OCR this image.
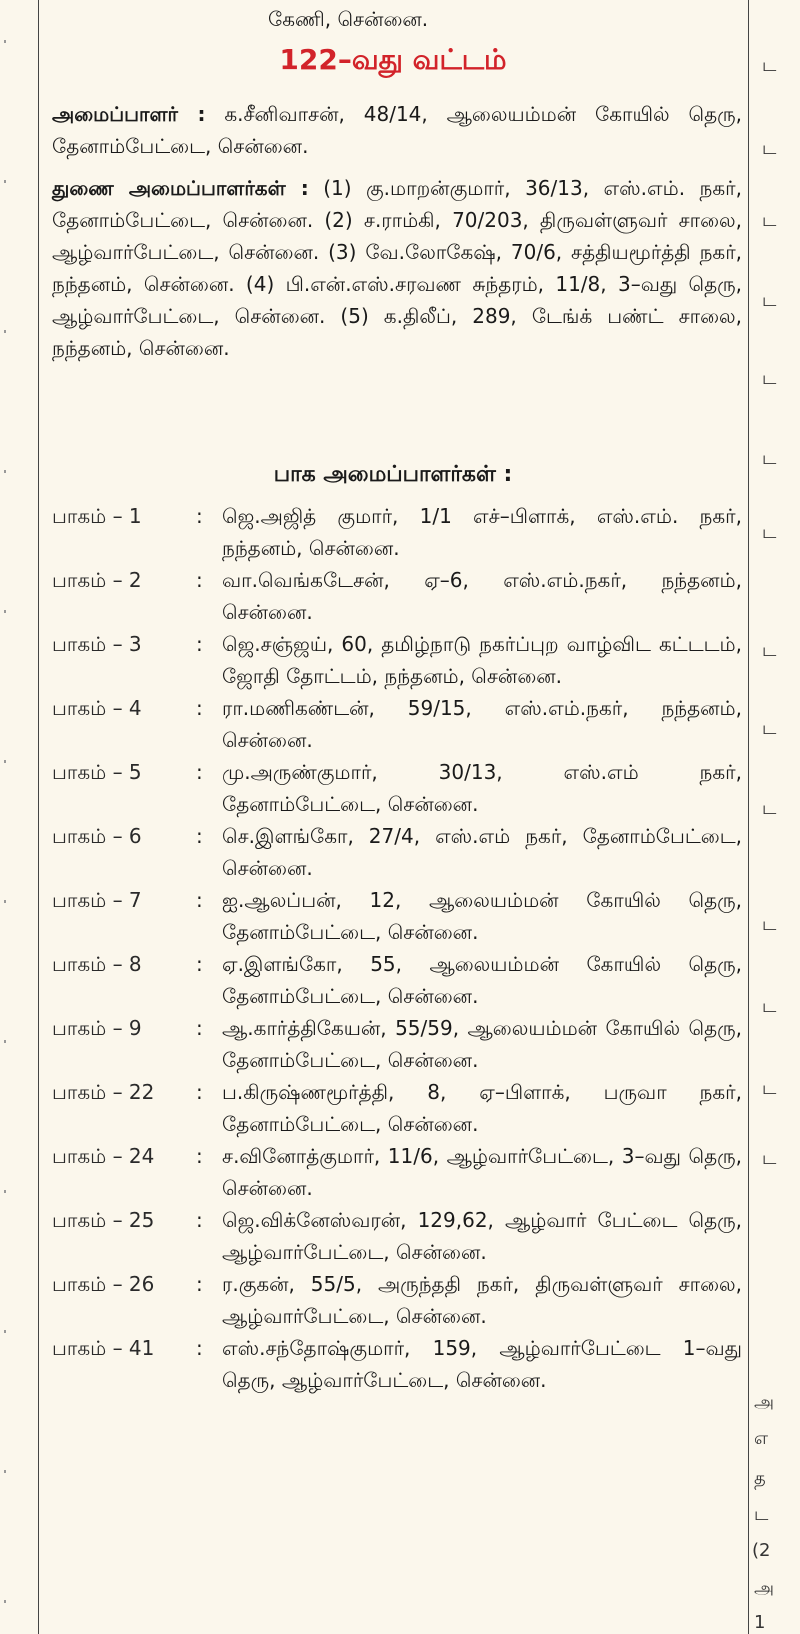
கேணி, சென்னை.
122–வது வட்டம்
அமைப்பாளர் : க.சீனிவாசன், 48/14, ஆலையம்மன் கோயில் தெரு, தேனாம்பேட்டை, சென்னை.
துணை அமைப்பாளர்கள் : (1) கு.மாறன்குமார், 36/13, எஸ்.எம். நகர், தேனாம்பேட்டை, சென்னை. (2) ச.ராம்கி, 70/203, திருவள்ளுவர் சாலை, ஆழ்வார்பேட்டை, சென்னை. (3) வே.லோகேஷ், 70/6, சத்தியமூர்த்தி நகர், நந்தனம், சென்னை. (4) பி.என்.எஸ்.சரவண சுந்தரம், 11/8, 3–வது தெரு, ஆழ்வார்பேட்டை, சென்னை. (5) க.திலீப், 289, டேங்க் பண்ட் சாலை, நந்தனம், சென்னை.
பாக அமைப்பாளர்கள் :
பாகம் – 1	: ஜெ.அஜித் குமார், 1/1 எச்–பிளாக், எஸ்.எம். நகர், நந்தனம், சென்னை.
பாகம் – 2	: வா.வெங்கடேசன், ஏ–6, எஸ்.எம்.நகர், நந்தனம், சென்னை.
பாகம் – 3	: ஜெ.சஞ்ஜய், 60, தமிழ்நாடு நகர்ப்புற வாழ்விட கட்டடம், ஜோதி தோட்டம், நந்தனம், சென்னை.
பாகம் – 4	: ரா.மணிகண்டன், 59/15, எஸ்.எம்.நகர், நந்தனம், சென்னை.
பாகம் – 5	: மு.அருண்குமார், 30/13, எஸ்.எம் நகர், தேனாம்பேட்டை, சென்னை.
பாகம் – 6	: செ.இளங்கோ, 27/4, எஸ்.எம் நகர், தேனாம்பேட்டை, சென்னை.
பாகம் – 7	: ஐ.ஆலப்பன், 12, ஆலையம்மன் கோயில் தெரு, தேனாம்பேட்டை, சென்னை.
பாகம் – 8	: ஏ.இளங்கோ, 55, ஆலையம்மன் கோயில் தெரு, தேனாம்பேட்டை, சென்னை.
பாகம் – 9	: ஆ.கார்த்திகேயன், 55/59, ஆலையம்மன் கோயில் தெரு, தேனாம்பேட்டை, சென்னை.
பாகம் – 22	: ப.கிருஷ்ணமூர்த்தி, 8, ஏ–பிளாக், பருவா நகர், தேனாம்பேட்டை, சென்னை.
பாகம் – 24	: ச.வினோத்குமார், 11/6, ஆழ்வார்பேட்டை, 3–வது தெரு, சென்னை.
பாகம் – 25	: ஜெ.விக்னேஸ்வரன், 129,62, ஆழ்வார் பேட்டை தெரு, ஆழ்வார்பேட்டை, சென்னை.
பாகம் – 26	: ர.குகன், 55/5, அருந்ததி நகர், திருவள்ளுவர் சாலை, ஆழ்வார்பேட்டை, சென்னை.
பாகம் – 41	: எஸ்.சந்தோஷ்குமார், 159, ஆழ்வார்பேட்டை 1–வது தெரு, ஆழ்வார்பேட்டை, சென்னை.
ட
ட
ட
ட
ட
ட
ட
ட
ட
ட
ட
ட
ட
ட
அ
எ
த
ட
(2
அ
1
